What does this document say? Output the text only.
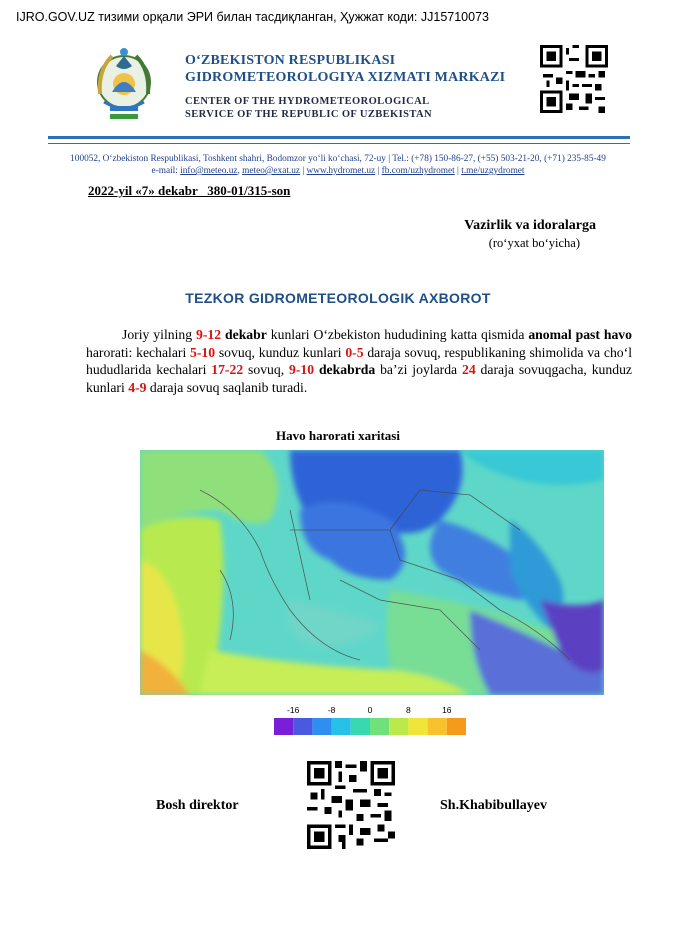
IJRO.GOV.UZ тизими орқали ЭРИ билан тасдиқланган, Ҳужжат коди: JJ15710073
O‘ZBEKISTON RESPUBLIKASI
GIDROMETEOROLOGIYA XIZMATI MARKAZI
CENTER OF THE HYDROMETEOROLOGICAL
SERVICE OF THE REPUBLIC OF UZBEKISTAN
100052, O‘zbekiston Respublikasi, Toshkent shahri, Bodomzor yo‘li ko‘chasi, 72-uy | Tel.: (+78) 150-86-27, (+55) 503-21-20, (+71) 235-85-49
e-mail: info@meteo.uz, meteo@exat.uz | www.hydromet.uz | fb.com/uzhydromet | t.me/uzgydromet
2022-yil «7» dekabr   380-01/315-son
Vazirlik va idoralarga
(ro‘yxat bo‘yicha)
TEZKOR GIDROMETEOROLOGIK AXBOROT

Joriy yilning 9-12 dekabr kunlari O‘zbekiston hududining katta qismida anomal past havo harorati: kechalari 5-10 sovuq, kunduz kunlari 0-5 daraja sovuq, respublikaning shimolida va cho‘l hududlarida kechalari 17-22 sovuq, 9-10 dekabrda ba’zi joylarda 24 daraja sovuqgacha, kunduz kunlari 4-9 daraja sovuq saqlanib turadi.

Havo harorati xaritasi
-16	-8	0	8	16
Bosh direktor	Sh.Khabibullayev
